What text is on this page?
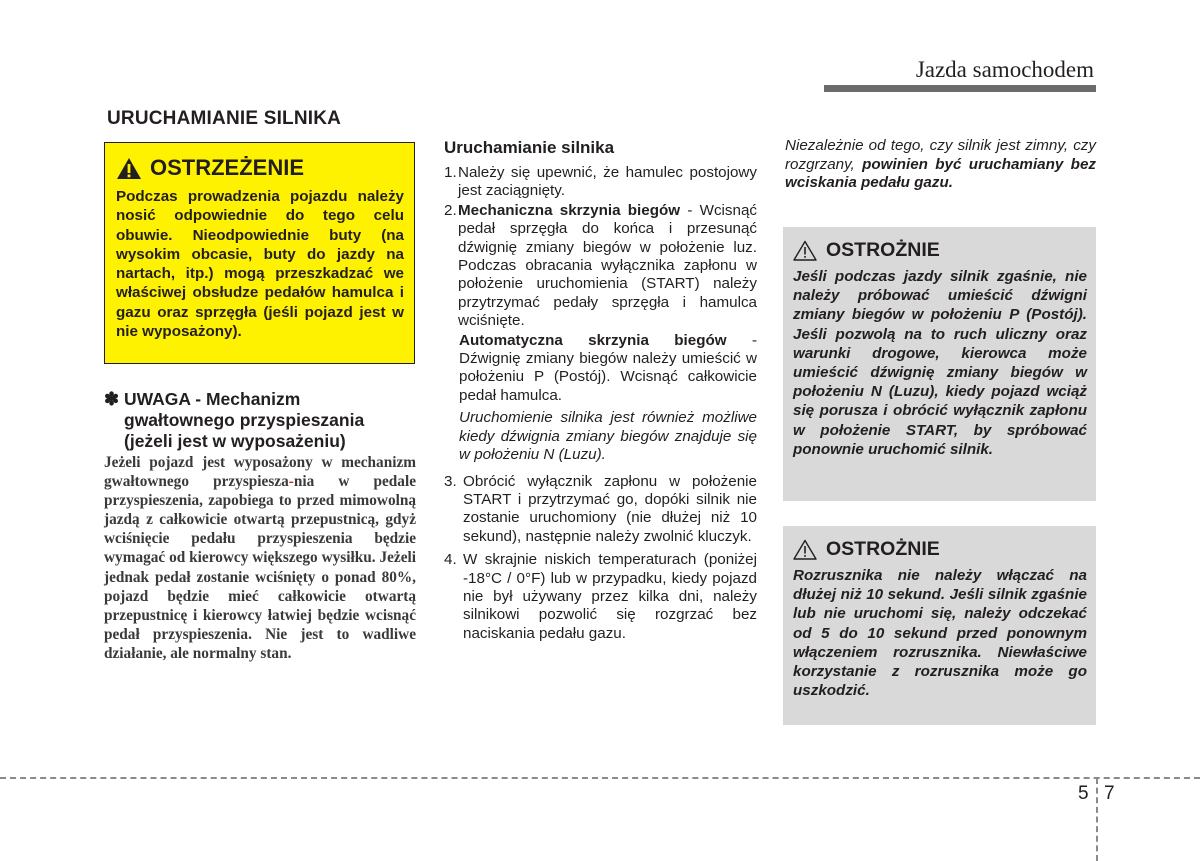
Jazda samochodem
URUCHAMIANIE SILNIKA
OSTRZEŻENIE
Podczas prowadzenia pojazdu należy nosić odpowiednie do tego celu obuwie. Nieodpowiednie buty (na wysokim obcasie, buty do jazdy na nartach, itp.) mogą przeszkadzać we właściwej obsłudze pedałów hamulca i gazu oraz sprzęgła (jeśli pojazd jest w nie wyposażony).
✽ UWAGA - Mechanizm
gwałtownego przyspieszania
(jeżeli jest w wyposażeniu)
Jeżeli pojazd jest wyposażony w mechanizm gwałtownego przyspiesza-nia w pedale przyspieszenia, zapobiega to przed mimowolną jazdą z całkowicie otwartą przepustnicą, gdyż wciśnięcie pedału przyspieszenia będzie wymagać od kierowcy większego wysiłku. Jeżeli jednak pedał zostanie wciśnięty o ponad 80%, pojazd będzie mieć całkowicie otwartą przepustnicę i kierowcy łatwiej będzie wcisnąć pedał przyspieszenia. Nie jest to wadliwe działanie, ale normalny stan.
Uruchamianie silnika
1. Należy się upewnić, że hamulec postojowy jest zaciągnięty.
2. Mechaniczna skrzynia biegów - Wcisnąć pedał sprzęgła do końca i przesunąć dźwignię zmiany biegów w położenie luz. Podczas obracania wyłącznika zapłonu w położenie uruchomienia (START) należy przytrzymać pedały sprzęgła i hamulca wciśnięte.
Automatyczna skrzynia biegów - Dźwignię zmiany biegów należy umieścić w położeniu P (Postój). Wcisnąć całkowicie pedał hamulca.
Uruchomienie silnika jest również możliwe kiedy dźwignia zmiany biegów znajduje się w położeniu N (Luzu).
3. Obrócić wyłącznik zapłonu w położenie START i przytrzymać go, dopóki silnik nie zostanie uruchomiony (nie dłużej niż 10 sekund), następnie należy zwolnić kluczyk.
4. W skrajnie niskich temperaturach (poniżej -18°C / 0°F) lub w przypadku, kiedy pojazd nie był używany przez kilka dni, należy silnikowi pozwolić się rozgrzać bez naciskania pedału gazu.
Niezależnie od tego, czy silnik jest zimny, czy rozgrzany, powinien być uruchamiany bez wciskania pedału gazu.
OSTROŻNIE
Jeśli podczas jazdy silnik zgaśnie, nie należy próbować umieścić dźwigni zmiany biegów w położeniu P (Postój). Jeśli pozwolą na to ruch uliczny oraz warunki drogowe, kierowca może umieścić dźwignię zmiany biegów w położeniu N (Luzu), kiedy pojazd wciąż się porusza i obrócić wyłącznik zapłonu w położenie START, by spróbować ponownie uruchomić silnik.
OSTROŻNIE
Rozrusznika nie należy włączać na dłużej niż 10 sekund. Jeśli silnik zgaśnie lub nie uruchomi się, należy odczekać od 5 do 10 sekund przed ponownym włączeniem rozrusznika. Niewłaściwe korzystanie z rozrusznika może go uszkodzić.
5 7
